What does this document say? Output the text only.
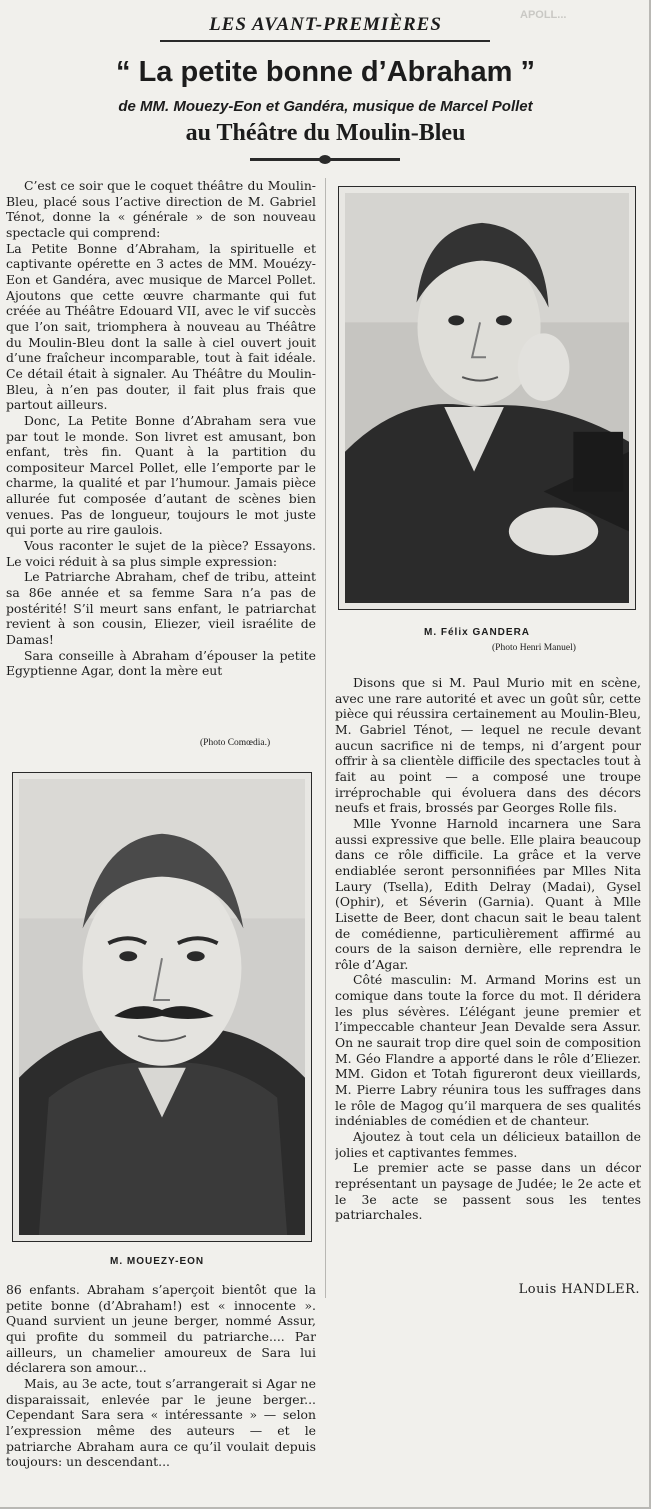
APOLL...
LES AVANT-PREMIÈRES
“ La petite bonne d’Abraham ”
de MM. Mouezy-Eon et Gandéra, musique de Marcel Pollet
au Théâtre du Moulin-Bleu

C’est ce soir que le coquet théâtre du Moulin-Bleu, placé sous l’active direction de M. Gabriel Ténot, donne la « générale » de son nouveau spectacle qui comprend:

La Petite Bonne d’Abraham, la spirituelle et captivante opérette en 3 actes de MM. Mouézy-Eon et Gandéra, avec musique de Marcel Pollet. Ajoutons que cette œuvre charmante qui fut créée au Théâtre Edouard VII, avec le vif succès que l’on sait, triomphera à nouveau au Théâtre du Moulin-Bleu dont la salle à ciel ouvert jouit d’une fraîcheur incomparable, tout à fait idéale. Ce détail était à signaler. Au Théâtre du Moulin-Bleu, à n’en pas douter, il fait plus frais que partout ailleurs.

Donc, La Petite Bonne d’Abraham sera vue par tout le monde. Son livret est amusant, bon enfant, très fin. Quant à la partition du compositeur Marcel Pollet, elle l’emporte par le charme, la qualité et par l’humour. Jamais pièce allurée fut composée d’autant de scènes bien venues. Pas de longueur, toujours le mot juste qui porte au rire gaulois.

Vous raconter le sujet de la pièce? Essayons. Le voici réduit à sa plus simple expression:

Le Patriarche Abraham, chef de tribu, atteint sa 86e année et sa femme Sara n’a pas de postérité! S’il meurt sans enfant, le patriarchat revient à son cousin, Eliezer, vieil israélite de Damas!

Sara conseille à Abraham d’épouser la petite Egyptienne Agar, dont la mère eut

(Photo Comœdia.)
M. MOUEZY-EON

86 enfants. Abraham s’aperçoit bientôt que la petite bonne (d’Abraham!) est « innocente ». Quand survient un jeune berger, nommé Assur, qui profite du sommeil du patriarche.... Par ailleurs, un chamelier amoureux de Sara lui déclarera son amour...

Mais, au 3e acte, tout s’arrangerait si Agar ne disparaissait, enlevée par le jeune berger... Cependant Sara sera « intéressante » — selon l’expression même des auteurs — et le patriarche Abraham aura ce qu’il voulait depuis toujours: un descendant...

M. Félix GANDERA
(Photo Henri Manuel)

Disons que si M. Paul Murio mit en scène, avec une rare autorité et avec un goût sûr, cette pièce qui réussira certainement au Moulin-Bleu, M. Gabriel Ténot, — lequel ne recule devant aucun sacrifice ni de temps, ni d’argent pour offrir à sa clientèle difficile des spectacles tout à fait au point — a composé une troupe irréprochable qui évoluera dans des décors neufs et frais, brossés par Georges Rolle fils.

Mlle Yvonne Harnold incarnera une Sara aussi expressive que belle. Elle plaira beaucoup dans ce rôle difficile. La grâce et la verve endiablée seront personnifiées par Mlles Nita Laury (Tsella), Edith Delray (Madai), Gysel (Ophir), et Séverin (Garnia). Quant à Mlle Lisette de Beer, dont chacun sait le beau talent de comédienne, particulièrement affirmé au cours de la saison dernière, elle reprendra le rôle d’Agar.

Côté masculin: M. Armand Morins est un comique dans toute la force du mot. Il déridera les plus sévères. L’élégant jeune premier et l’impeccable chanteur Jean Devalde sera Assur. On ne saurait trop dire quel soin de composition M. Géo Flandre a apporté dans le rôle d’Eliezer. MM. Gidon et Totah figureront deux vieillards, M. Pierre Labry réunira tous les suffrages dans le rôle de Magog qu’il marquera de ses qualités indéniables de comédien et de chanteur.

Ajoutez à tout cela un délicieux bataillon de jolies et captivantes femmes.

Le premier acte se passe dans un décor représentant un paysage de Judée; le 2e acte et le 3e acte se passent sous les tentes patriarchales.

Louis HANDLER.
